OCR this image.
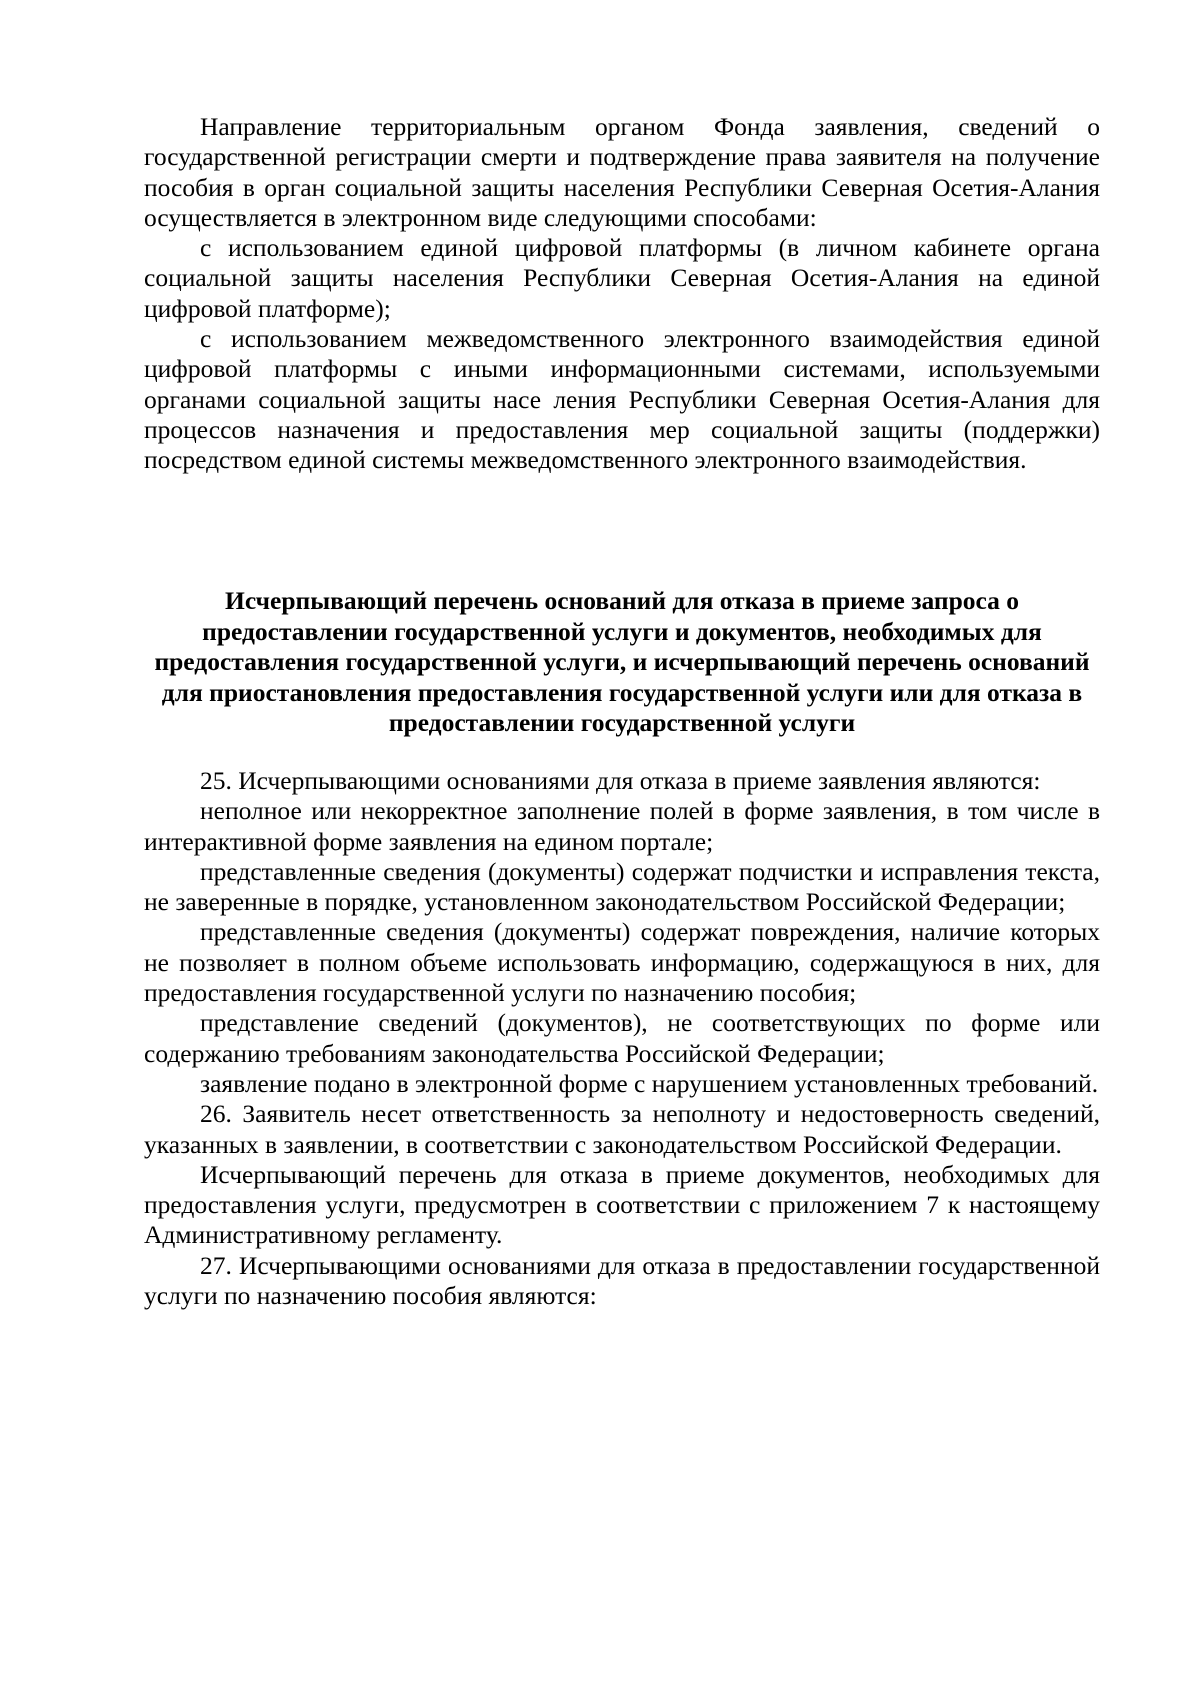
Направление территориальным органом Фонда заявления, сведений о государственной регистрации смерти и подтверждение права заявителя на получение пособия в орган социальной защиты населения Республики Северная Осетия-Алания осуществляется в электронном виде следующими способами:

с использованием единой цифровой платформы (в личном кабинете органа социальной защиты населения Республики Северная Осетия-Алания на единой цифровой платформе);

с использованием межведомственного электронного взаимодействия единой цифровой платформы с иными информационными системами, используемыми органами социальной защиты насе ления Республики Северная Осетия-Алания для процессов назначения и предоставления мер социальной защиты (поддержки) посредством единой системы межведомственного электронного взаимодействия.

Исчерпывающий перечень оснований для отказа в приеме запроса о предоставлении государственной услуги и документов, необходимых для предоставления государственной услуги, и исчерпывающий перечень оснований для приостановления предоставления государственной услуги или для отказа в предоставлении государственной услуги

25. Исчерпывающими основаниями для отказа в приеме заявления являются:

неполное или некорректное заполнение полей в форме заявления, в том числе в интерактивной форме заявления на едином портале;

представленные сведения (документы) содержат подчистки и исправления текста, не заверенные в порядке, установленном законодательством Российской Федерации;

представленные сведения (документы) содержат повреждения, наличие которых не позволяет в полном объеме использовать информацию, содержащуюся в них, для предоставления государственной услуги по назначению пособия;

представление сведений (документов), не соответствующих по форме или содержанию требованиям законодательства Российской Федерации;

заявление подано в электронной форме с нарушением установленных требований.

26. Заявитель несет ответственность за неполноту и недостоверность сведений, указанных в заявлении, в соответствии с законодательством Российской Федерации.

Исчерпывающий перечень для отказа в приеме документов, необходимых для предоставления услуги, предусмотрен в соответствии с приложением 7 к настоящему Административному регламенту.

27. Исчерпывающими основаниями для отказа в предоставлении государственной услуги по назначению пособия являются:
